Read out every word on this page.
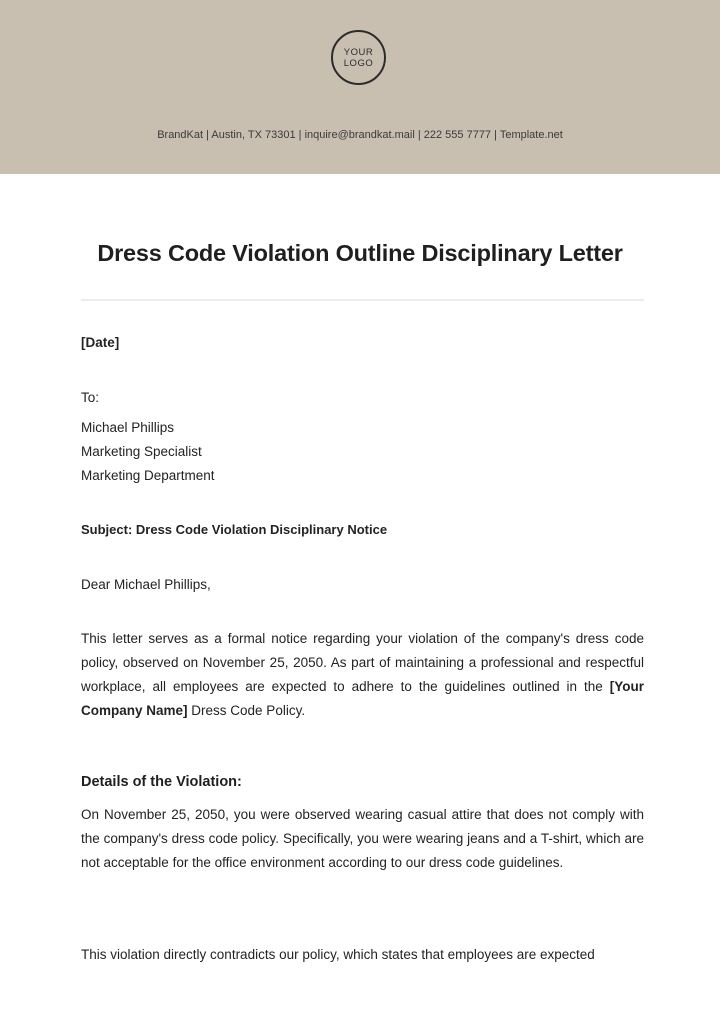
YOUR
LOGO
BrandKat | Austin, TX 73301 | inquire@brandkat.mail | 222 555 7777 | Template.net
Dress Code Violation Outline Disciplinary Letter
[Date]
To:
Michael Phillips
Marketing Specialist
Marketing Department
Subject: Dress Code Violation Disciplinary Notice
Dear Michael Phillips,
This letter serves as a formal notice regarding your violation of the company's dress code policy, observed on November 25, 2050. As part of maintaining a professional and respectful workplace, all employees are expected to adhere to the guidelines outlined in the [Your Company Name] Dress Code Policy.
Details of the Violation:
On November 25, 2050, you were observed wearing casual attire that does not comply with the company's dress code policy. Specifically, you were wearing jeans and a T-shirt, which are not acceptable for the office environment according to our dress code guidelines.
This violation directly contradicts our policy, which states that employees are expected
